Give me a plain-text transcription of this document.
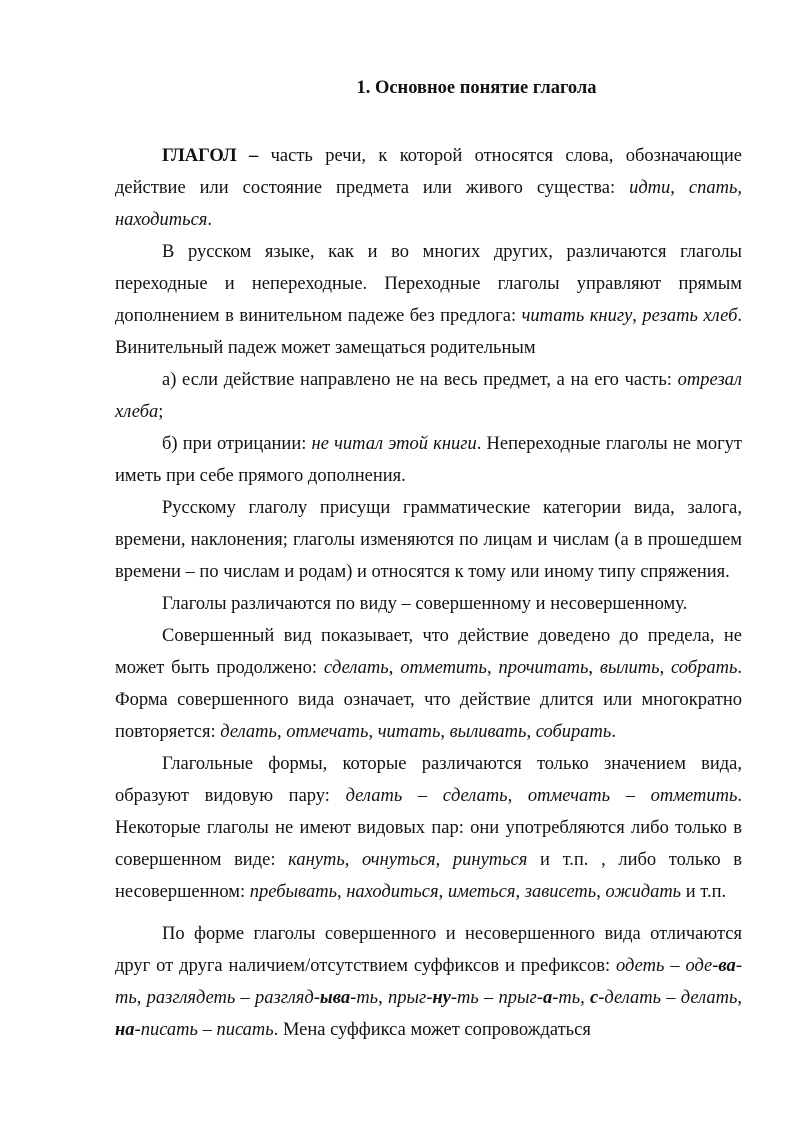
1. Основное понятие глагола

ГЛАГОЛ – часть речи, к которой относятся слова, обозначающие действие или состояние предмета или живого существа: идти, спать, находиться.

В русском языке, как и во многих других, различаются глаголы переходные и непереходные. Переходные глаголы управляют прямым дополнением в винительном падеже без предлога: читать книгу, резать хлеб. Винительный падеж может замещаться родительным

а) если действие направлено не на весь предмет, а на его часть: отрезал хлеба;

б) при отрицании: не читал этой книги. Непереходные глаголы не могут иметь при себе прямого дополнения.

Русскому глаголу присущи грамматические категории вида, залога, времени, наклонения; глаголы изменяются по лицам и числам (а в прошедшем времени – по числам и родам) и относятся к тому или иному типу спряжения.

Глаголы различаются по виду – совершенному и несовершенному.

Совершенный вид показывает, что действие доведено до предела, не может быть продолжено: сделать, отметить, прочитать, вылить, собрать. Форма совершенного вида означает, что действие длится или многократно повторяется: делать, отмечать, читать, выливать, собирать.

Глагольные формы, которые различаются только значением вида, образуют видовую пару: делать – сделать, отмечать – отметить. Некоторые глаголы не имеют видовых пар: они употребляются либо только в совершенном виде: кануть, очнуться, ринуться и т.п. , либо только в несовершенном: пребывать, находиться, иметься, зависеть, ожидать и т.п.

По форме глаголы совершенного и несовершенного вида отличаются друг от друга наличием/отсутствием суффиксов и префиксов: одеть – оде-ва-ть, разглядеть – разгляд-ыва-ть, прыг-ну-ть – прыг-а-ть, с-делать – делать, на-писать – писать. Мена суффикса может сопровождаться
